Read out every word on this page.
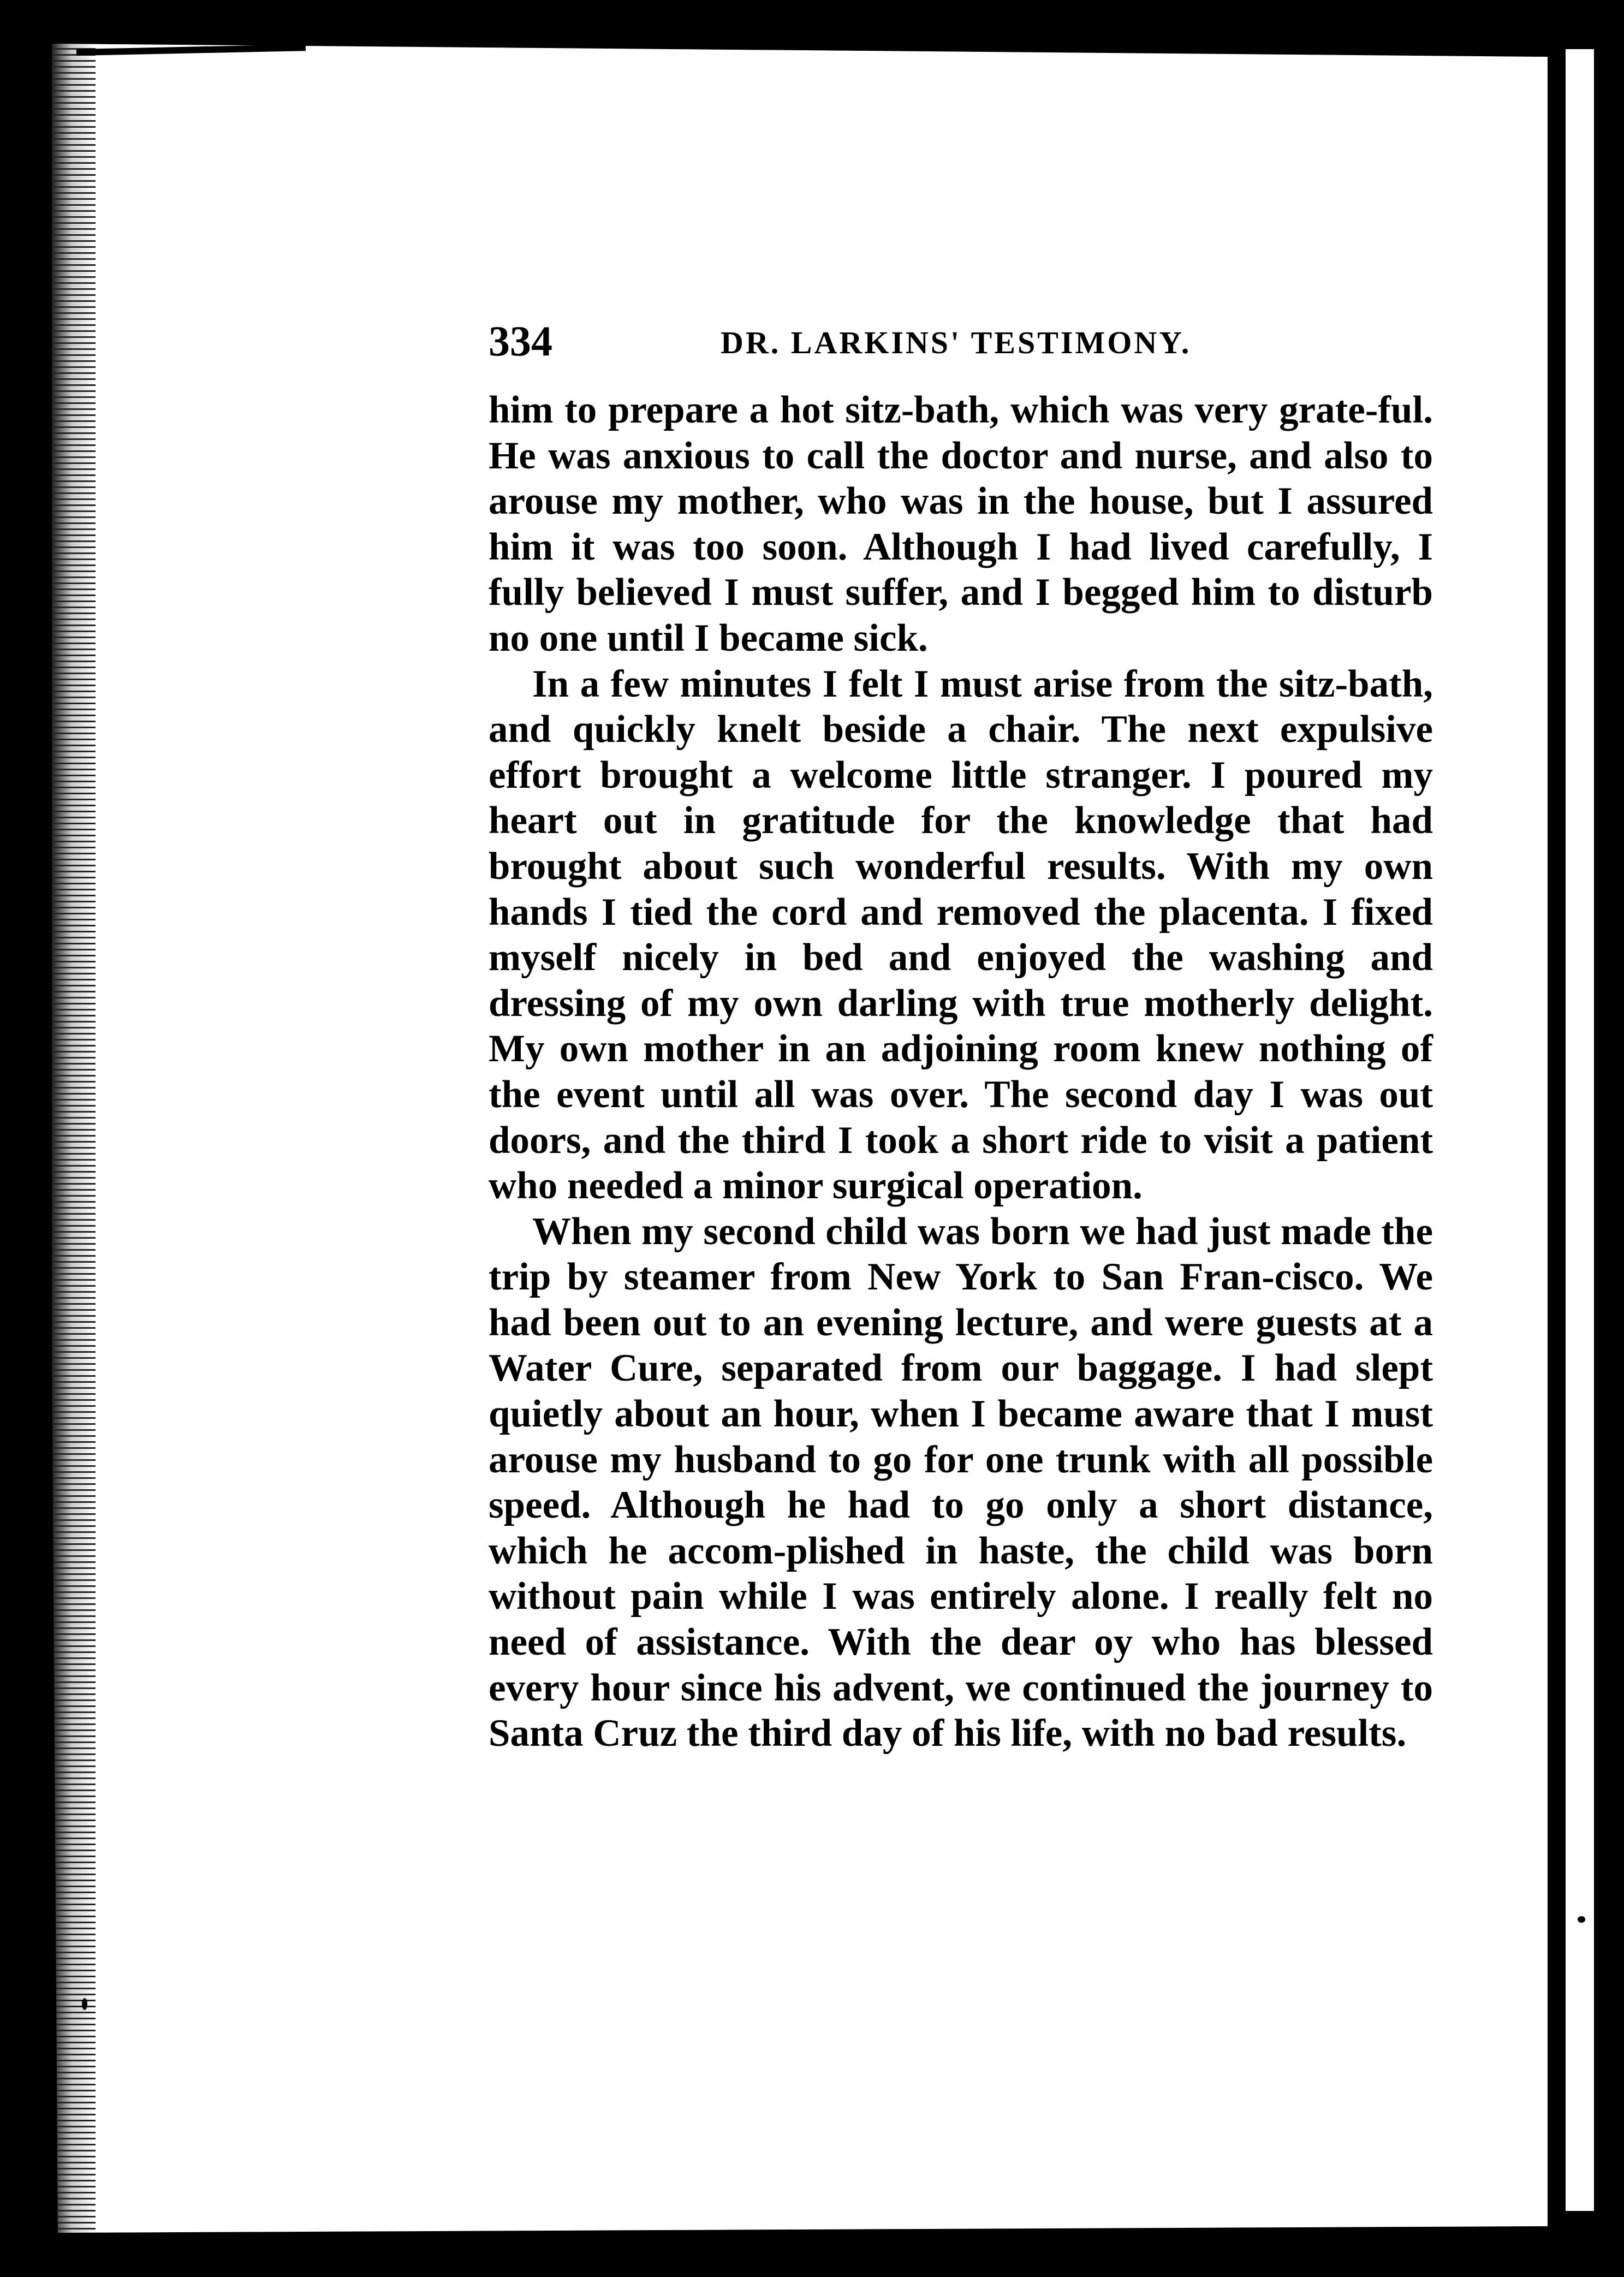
334	DR. LARKINS' TESTIMONY.

him to prepare a hot sitz-bath, which was very grate-ful. He was anxious to call the doctor and nurse, and also to arouse my mother, who was in the house, but I assured him it was too soon. Although I had lived carefully, I fully believed I must suffer, and I begged him to disturb no one until I became sick.

In a few minutes I felt I must arise from the sitz-bath, and quickly knelt beside a chair. The next expulsive effort brought a welcome little stranger. I poured my heart out in gratitude for the knowledge that had brought about such wonderful results. With my own hands I tied the cord and removed the placenta. I fixed myself nicely in bed and enjoyed the washing and dressing of my own darling with true motherly delight. My own mother in an adjoining room knew nothing of the event until all was over. The second day I was out doors, and the third I took a short ride to visit a patient who needed a minor surgical operation.

When my second child was born we had just made the trip by steamer from New York to San Fran-cisco. We had been out to an evening lecture, and were guests at a Water Cure, separated from our baggage. I had slept quietly about an hour, when I became aware that I must arouse my husband to go for one trunk with all possible speed. Although he had to go only a short distance, which he accom-plished in haste, the child was born without pain while I was entirely alone. I really felt no need of assistance. With the dear oy who has blessed every hour since his advent, we continued the journey to Santa Cruz the third day of his life, with no bad results.
